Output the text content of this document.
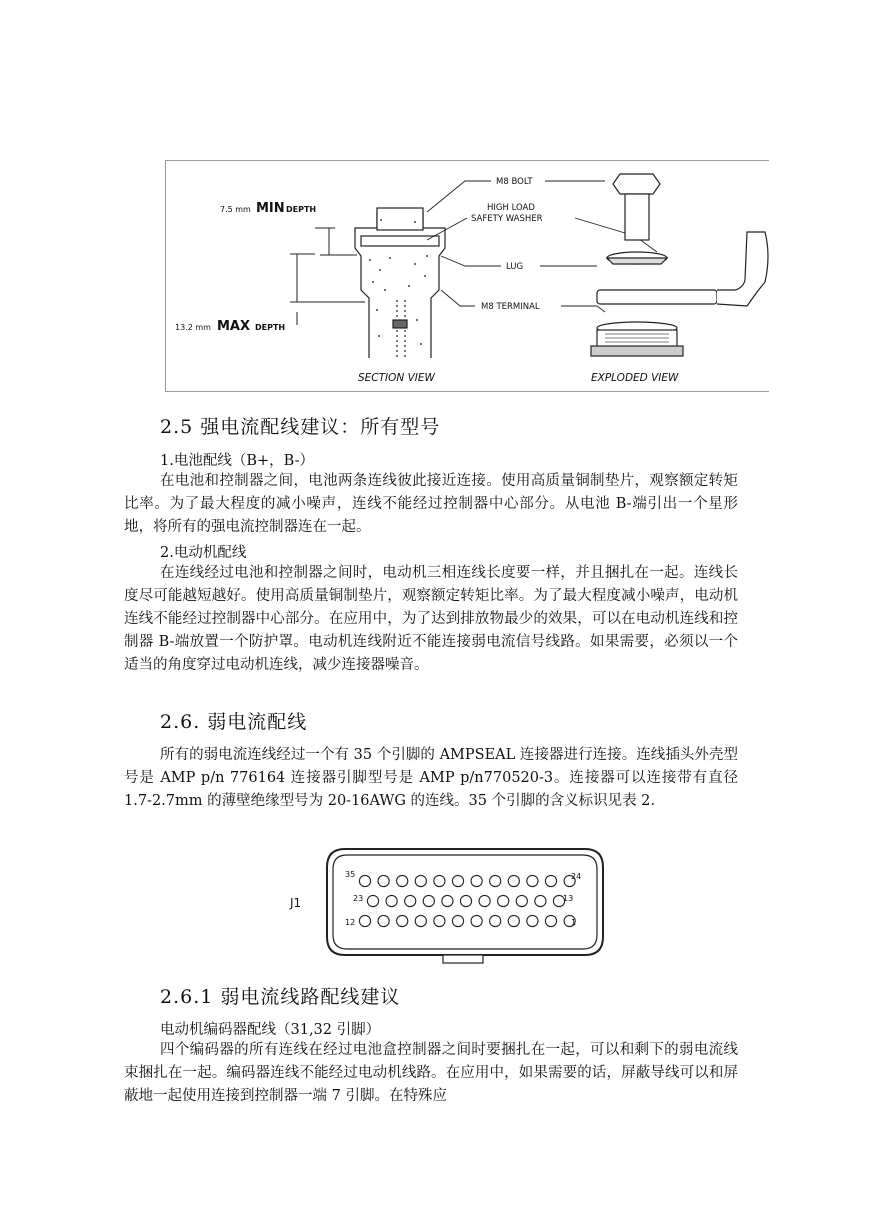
7.5 mm MIN DEPTH
13.2 mm MAX DEPTH
M8 BOLT
HIGH LOAD
SAFETY WASHER
LUG
M8 TERMINAL
SECTION VIEW	EXPLODED VIEW
2.5 强电流配线建议：所有型号

1.电池配线（B+，B-）

在电池和控制器之间，电池两条连线彼此接近连接。使用高质量铜制垫片，观察额定转矩比率。为了最大程度的减小噪声，连线不能经过控制器中心部分。从电池 B-端引出一个星形地，将所有的强电流控制器连在一起。

2.电动机配线

在连线经过电池和控制器之间时，电动机三相连线长度要一样，并且捆扎在一起。连线长度尽可能越短越好。使用高质量铜制垫片，观察额定转矩比率。为了最大程度减小噪声，电动机连线不能经过控制器中心部分。在应用中，为了达到排放物最少的效果，可以在电动机连线和控制器 B-端放置一个防护罩。电动机连线附近不能连接弱电流信号线路。如果需要，必须以一个适当的角度穿过电动机连线，减少连接器噪音。

2.6. 弱电流配线

所有的弱电流连线经过一个有 35 个引脚的 AMPSEAL 连接器进行连接。连线插头外壳型号是 AMP p/n 776164 连接器引脚型号是 AMP p/n770520-3。连接器可以连接带有直径 1.7-2.7mm 的薄壁绝缘型号为 20-16AWG 的连线。35 个引脚的含义标识见表 2.

J1
35	24
23	13
12	1
2.6.1 弱电流线路配线建议

电动机编码器配线（31,32 引脚）

四个编码器的所有连线在经过电池盒控制器之间时要捆扎在一起，可以和剩下的弱电流线束捆扎在一起。编码器连线不能经过电动机线路。在应用中，如果需要的话，屏蔽导线可以和屏蔽地一起使用连接到控制器一端 7 引脚。在特殊应
